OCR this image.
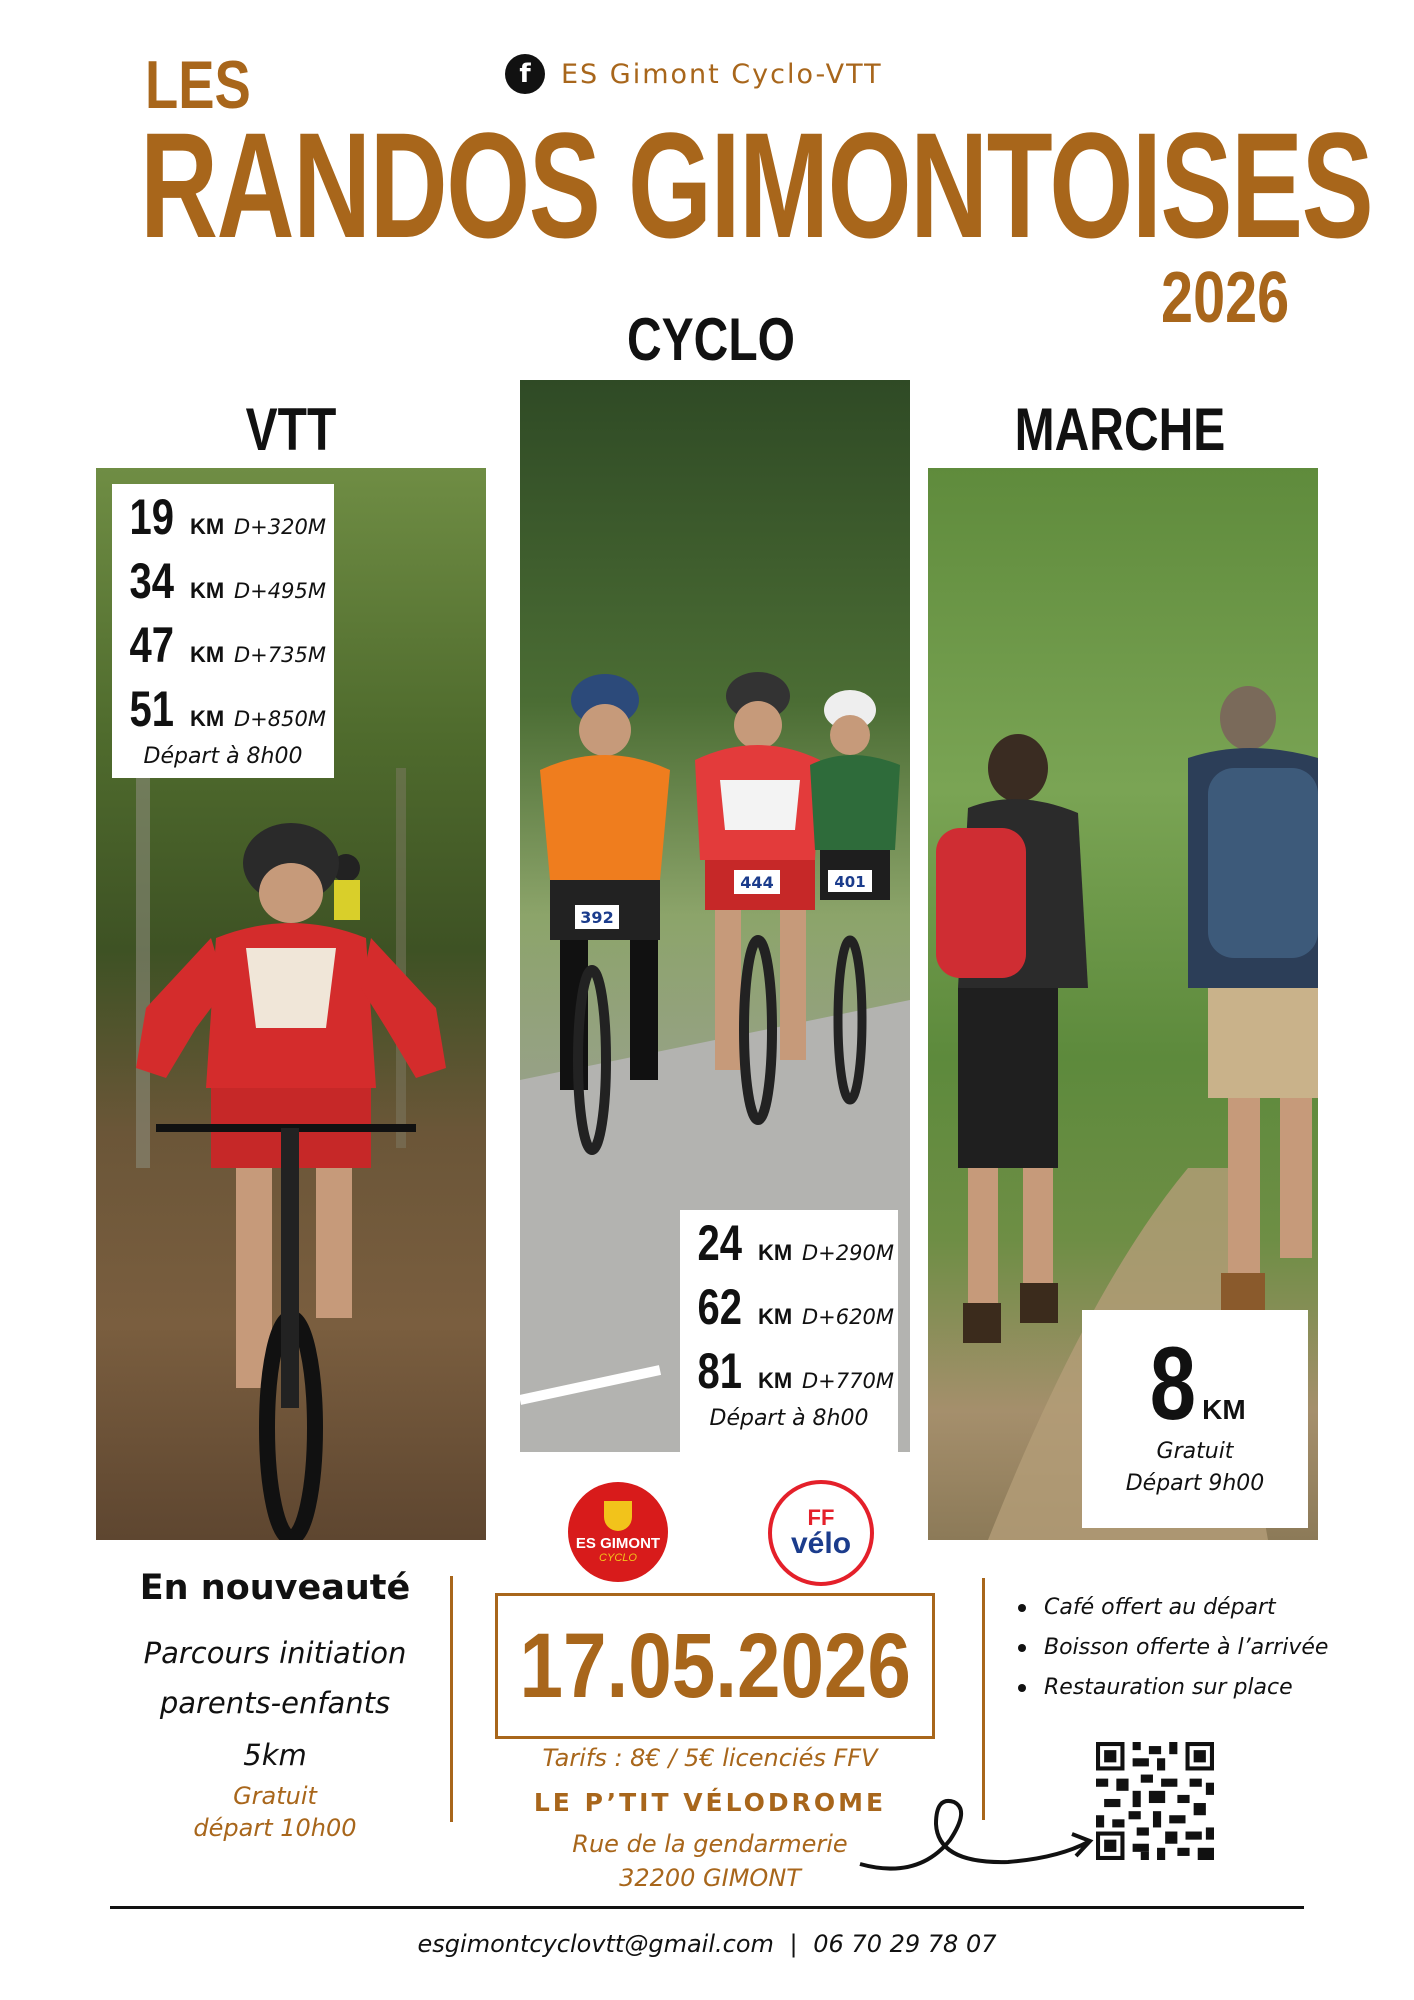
f	ES Gimont Cyclo-VTT
LES
RANDOS GIMONTOISES
2026
VTT
CYCLO
MARCHE
19 KM D+320M
34 KM D+495M
47 KM D+735M
51 KM D+850M
Départ à 8h00
392
444	401
24 KM D+290M
62 KM D+620M
81 KM D+770M
Départ à 8h00	8 KM
Gratuit
Départ 9h00
ES GIMONT
CYCLO
FF
vélo
En nouveauté
Parcours initiation
parents-enfants
5km
Gratuit
départ 10h00
17.05.2026
Tarifs : 8€ / 5€ licenciés FFV
LE P’TIT VÉLODROME
Rue de la gendarmerie
32200 GIMONT
Café offert au départ
Boisson offerte à l’arrivée
Restauration sur place
esgimontcyclovtt@gmail.com | 06 70 29 78 07
